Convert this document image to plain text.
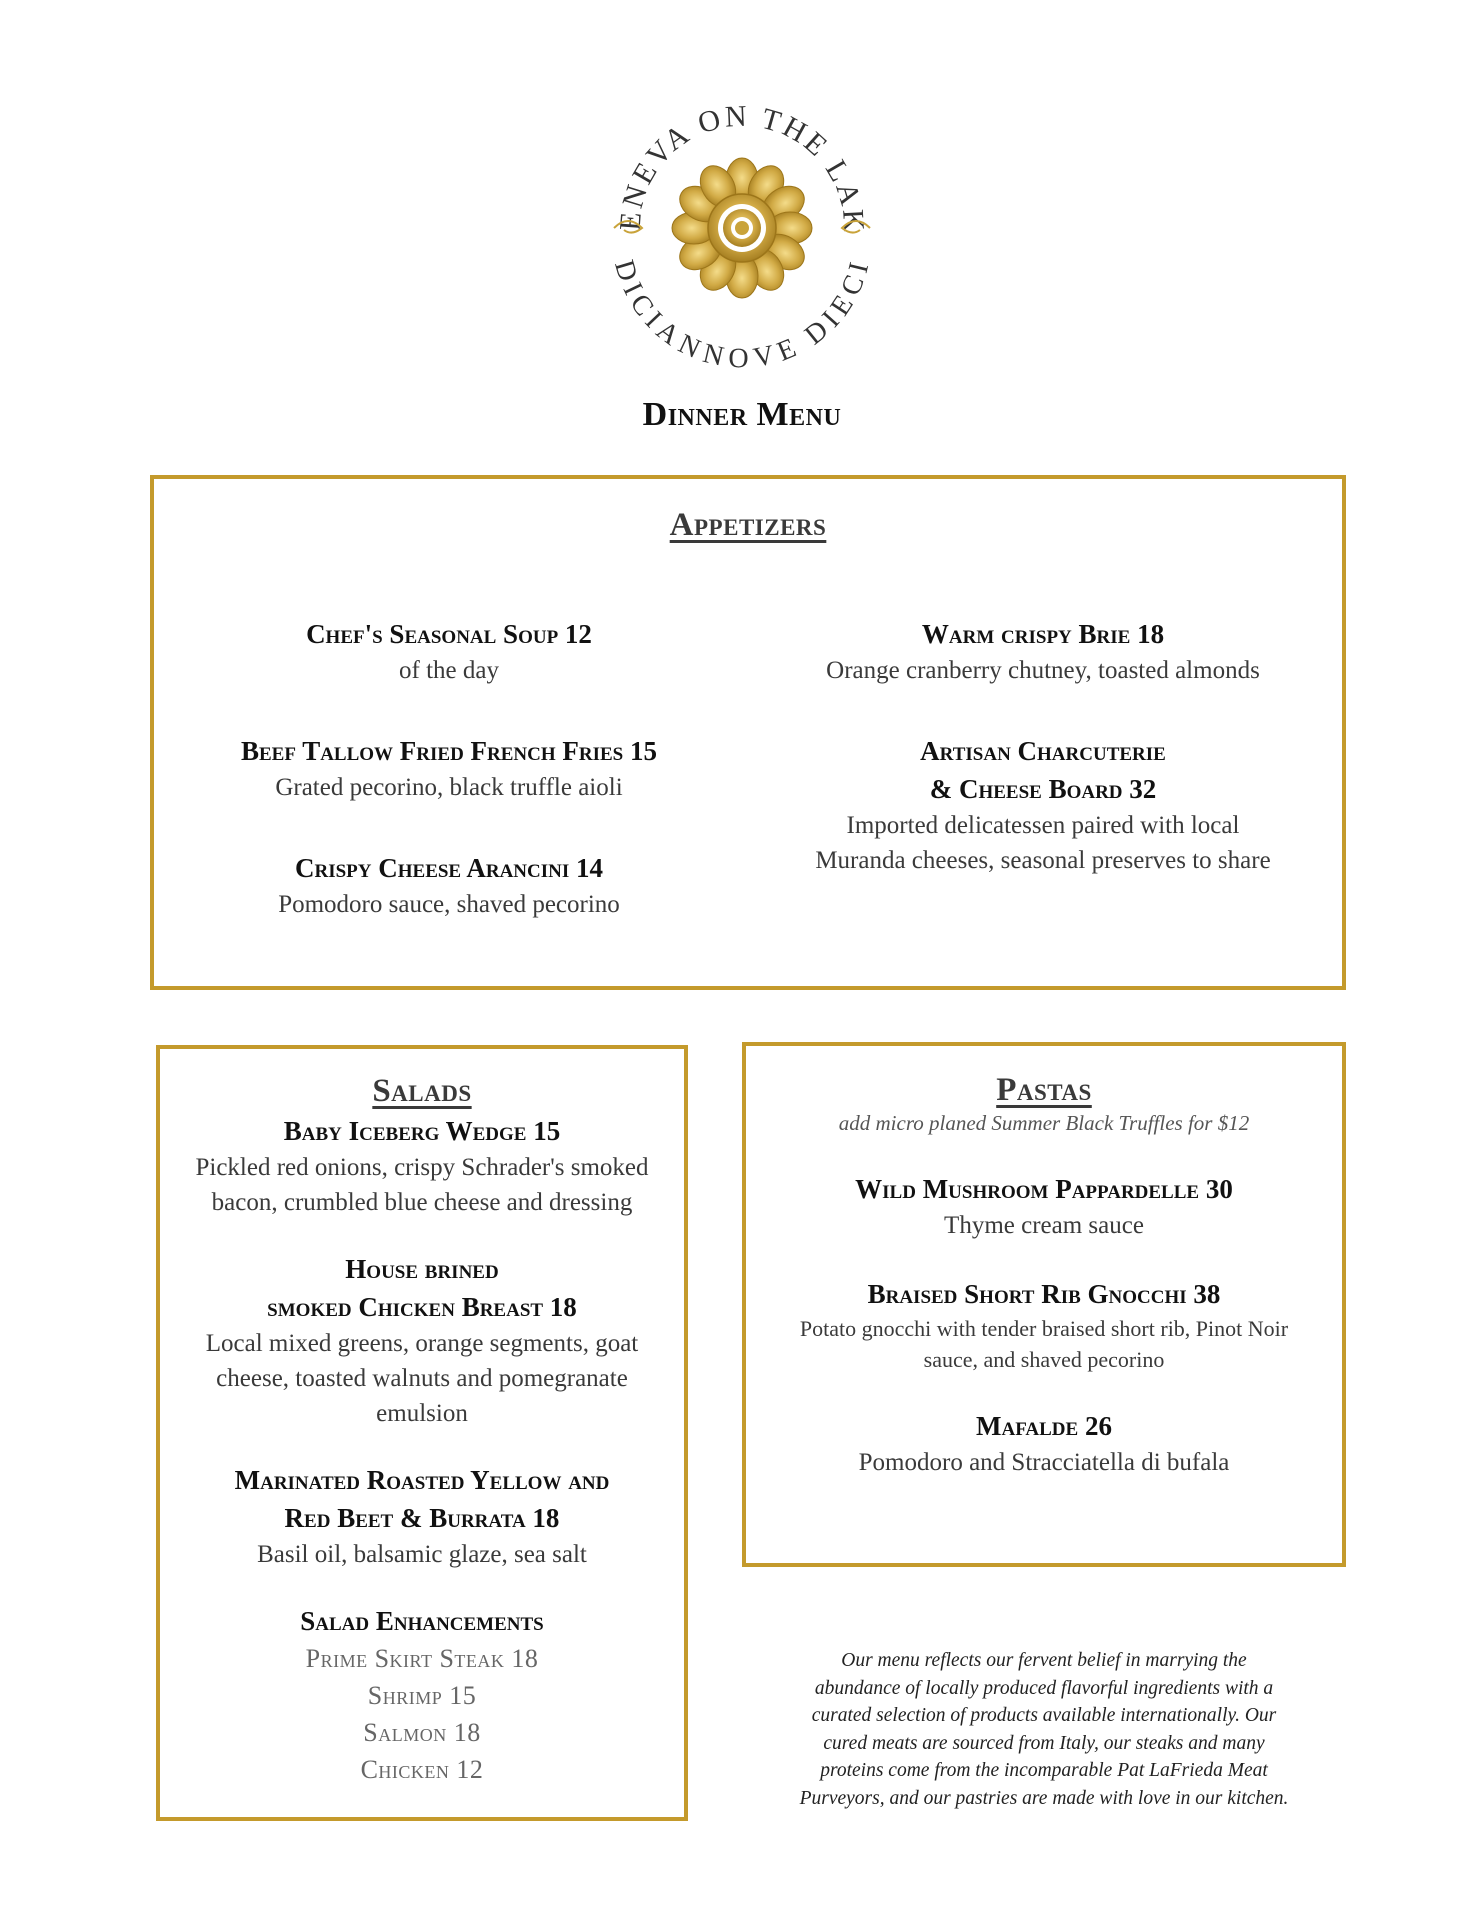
ENEVA ON THE LAK
DICIANNOVE DIECI
Dinner Menu
Appetizers
Chef's Seasonal Soup 12
of the day
Beef Tallow Fried French Fries 15
Grated pecorino, black truffle aioli
Crispy Cheese Arancini 14
Pomodoro sauce, shaved pecorino
Warm crispy Brie 18
Orange cranberry chutney, toasted almonds
Artisan Charcuterie
& Cheese Board 32
Imported delicatessen paired with local
Muranda cheeses, seasonal preserves to share
Salads
Baby Iceberg Wedge 15
Pickled red onions, crispy Schrader's smoked
bacon, crumbled blue cheese and dressing
House brined
smoked Chicken Breast 18
Local mixed greens, orange segments, goat
cheese, toasted walnuts and pomegranate
emulsion
Marinated Roasted Yellow and
Red Beet & Burrata 18
Basil oil, balsamic glaze, sea salt
Salad Enhancements
Prime Skirt Steak 18
Shrimp 15
Salmon 18
Chicken 12
Pastas
add micro planed Summer Black Truffles for $12
Wild Mushroom Pappardelle 30
Thyme cream sauce
Braised Short Rib Gnocchi 38
Potato gnocchi with tender braised short rib, Pinot Noir
sauce, and shaved pecorino
Mafalde 26
Pomodoro and Stracciatella di bufala
Our menu reflects our fervent belief in marrying the
abundance of locally produced flavorful ingredients with a
curated selection of products available internationally. Our
cured meats are sourced from Italy, our steaks and many
proteins come from the incomparable Pat LaFrieda Meat
Purveyors, and our pastries are made with love in our kitchen.
